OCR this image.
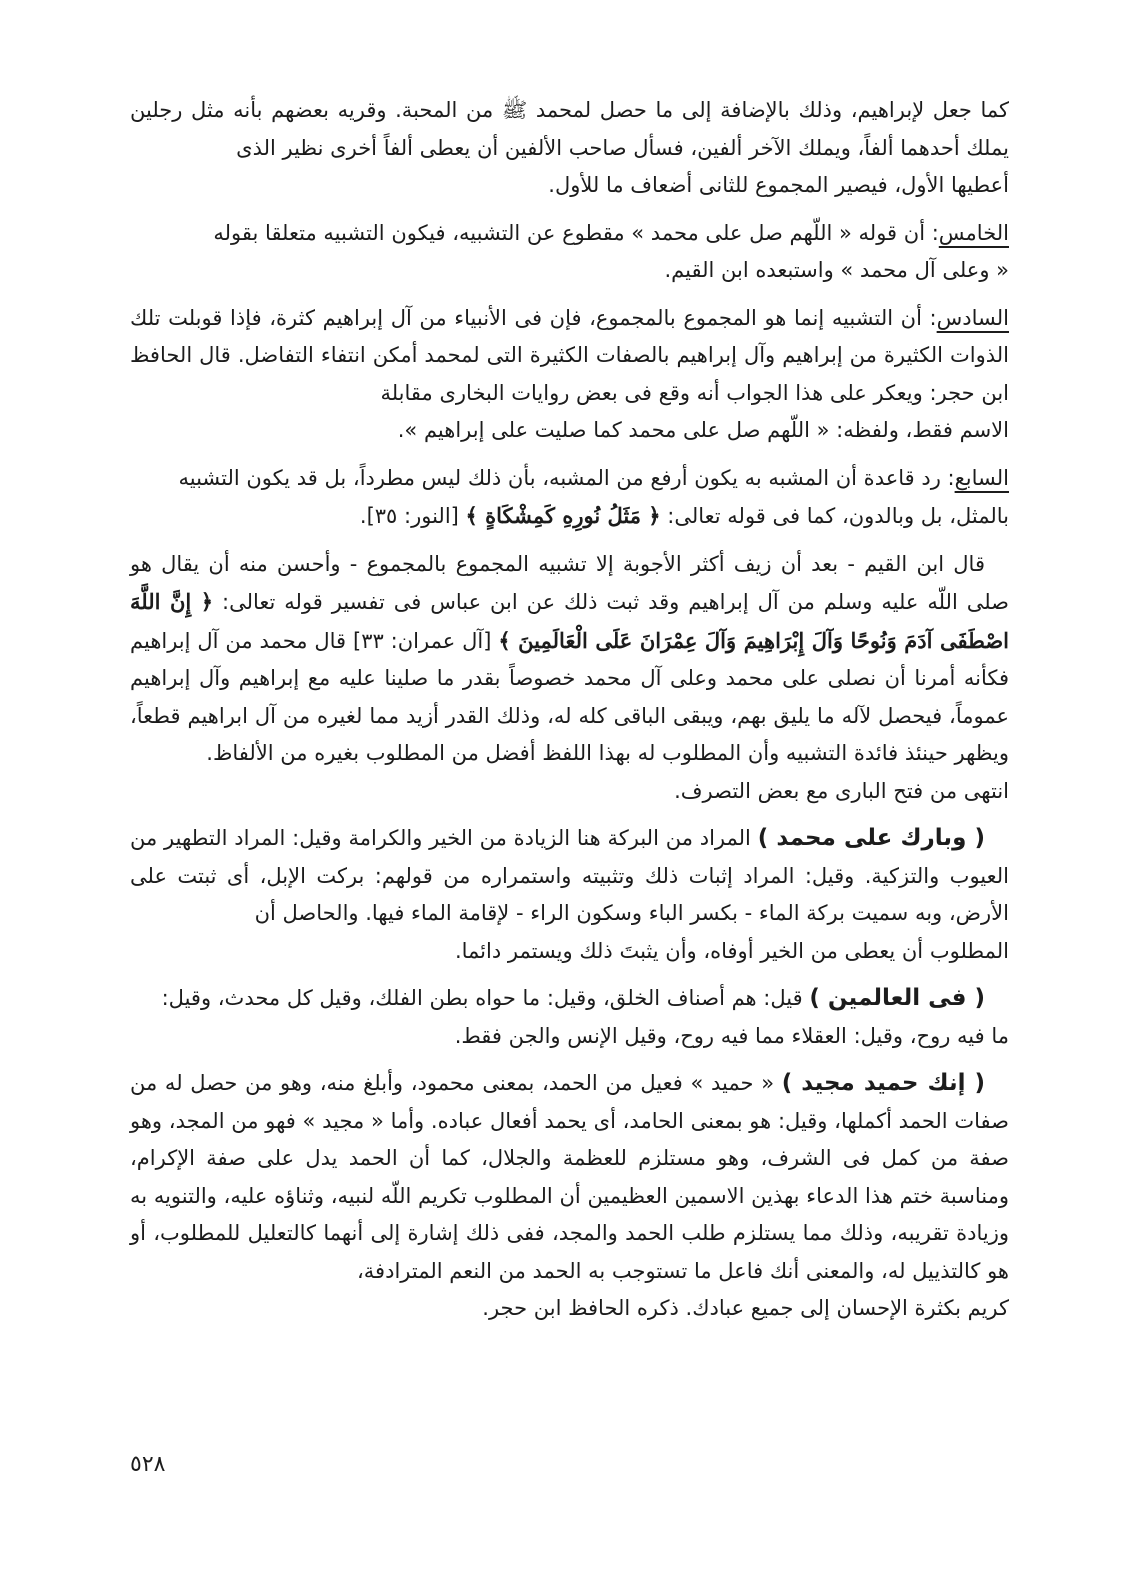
كما جعل لإبراهيم، وذلك بالإضافة إلى ما حصل لمحمد ﷺ من المحبة. وقريه بعضهم بأنه مثل رجلين يملك أحدهما ألفاً، ويملك الآخر ألفين، فسأل صاحب الألفين أن يعطى ألفاً أخرى نظير الذى
أعطيها الأول، فيصير المجموع للثانى أضعاف ما للأول.

الخامس: أن قوله « اللّهم صل على محمد » مقطوع عن التشبيه، فيكون التشبيه متعلقا بقوله
« وعلى آل محمد » واستبعده ابن القيم.

السادس: أن التشبيه إنما هو المجموع بالمجموع، فإن فى الأنبياء من آل إبراهيم كثرة، فإذا قوبلت تلك الذوات الكثيرة من إبراهيم وآل إبراهيم بالصفات الكثيرة التى لمحمد أمكن انتفاء التفاضل. قال الحافظ ابن حجر: ويعكر على هذا الجواب أنه وقع فى بعض روايات البخارى مقابلة
الاسم فقط، ولفظه: « اللّهم صل على محمد كما صليت على إبراهيم ».

السابع: رد قاعدة أن المشبه به يكون أرفع من المشبه، بأن ذلك ليس مطرداً، بل قد يكون التشبيه
بالمثل، بل وبالدون، كما فى قوله تعالى: ﴿ مَثَلُ نُورِهِ كَمِشْكَاةٍ ﴾ [النور: ٣٥].

قال ابن القيم - بعد أن زيف أكثر الأجوبة إلا تشبيه المجموع بالمجموع - وأحسن منه أن يقال هو صلى اللّه عليه وسلم من آل إبراهيم وقد ثبت ذلك عن ابن عباس فى تفسير قوله تعالى: ﴿ إِنَّ اللَّهَ اصْطَفَى آدَمَ وَنُوحًا وَآلَ إِبْرَاهِيمَ وَآلَ عِمْرَانَ عَلَى الْعَالَمِينَ ﴾ [آل عمران: ٣٣] قال محمد من آل إبراهيم فكأنه أمرنا أن نصلى على محمد وعلى آل محمد خصوصاً بقدر ما صلينا عليه مع إبراهيم وآل إبراهيم عموماً، فيحصل لآله ما يليق بهم، ويبقى الباقى كله له، وذلك القدر أزيد مما لغيره من آل ابراهيم قطعاً، ويظهر حينئذ فائدة التشبيه وأن المطلوب له بهذا اللفظ أفضل من المطلوب بغيره من الألفاظ.
انتهى من فتح البارى مع بعض التصرف.

( وبارك على محمد ) المراد من البركة هنا الزيادة من الخير والكرامة وقيل: المراد التطهير من العيوب والتزكية. وقيل: المراد إثبات ذلك وتثبيته واستمراره من قولهم: بركت الإبل، أى ثبتت على الأرض، وبه سميت بركة الماء - بكسر الباء وسكون الراء - لإقامة الماء فيها. والحاصل أن
المطلوب أن يعطى من الخير أوفاه، وأن يثبتَ ذلك ويستمر دائما.

( فى العالمين ) قيل: هم أصناف الخلق، وقيل: ما حواه بطن الفلك، وقيل كل محدث، وقيل:
ما فيه روح، وقيل: العقلاء مما فيه روح، وقيل الإنس والجن فقط.

( إنك حميد مجيد ) « حميد » فعيل من الحمد، بمعنى محمود، وأبلغ منه، وهو من حصل له من صفات الحمد أكملها، وقيل: هو بمعنى الحامد، أى يحمد أفعال عباده. وأما « مجيد » فهو من المجد، وهو صفة من كمل فى الشرف، وهو مستلزم للعظمة والجلال، كما أن الحمد يدل على صفة الإكرام، ومناسبة ختم هذا الدعاء بهذين الاسمين العظيمين أن المطلوب تكريم اللّه لنبيه، وثناؤه عليه، والتنويه به وزيادة تقريبه، وذلك مما يستلزم طلب الحمد والمجد، ففى ذلك إشارة إلى أنهما كالتعليل للمطلوب، أو هو كالتذييل له، والمعنى أنك فاعل ما تستوجب به الحمد من النعم المترادفة،
كريم بكثرة الإحسان إلى جميع عبادك. ذكره الحافظ ابن حجر.

٥٢٨
